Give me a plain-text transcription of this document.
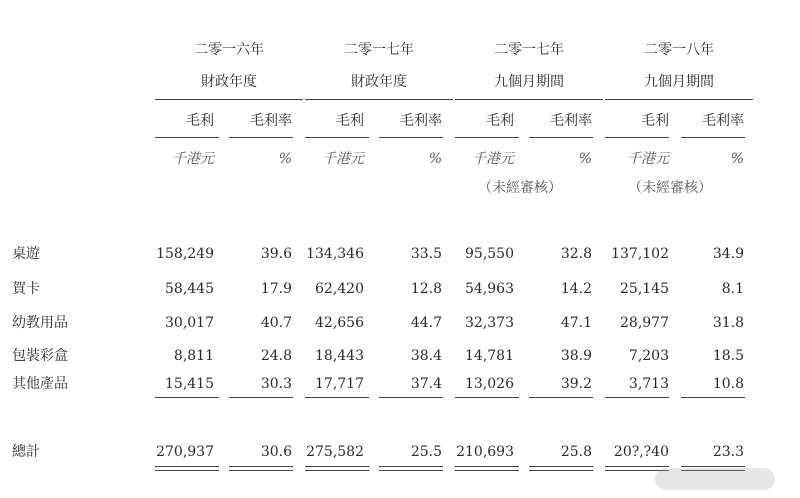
二零一六年
財政年度
二零一七年
財政年度
二零一七年
九個月期間
二零一八年
九個月期間
毛利	毛利率	毛利	毛利率	毛利	毛利率	毛利	毛利率
千港元	%	千港元	%	千港元	%	千港元	%
（未經審核）	（未經審核）
桌遊	158,249	39.6	134,346	33.5	95,550	32.8	137,102	34.9
賀卡	58,445	17.9	62,420	12.8	54,963	14.2	25,145	8.1
幼教用品	30,017	40.7	42,656	44.7	32,373	47.1	28,977	31.8
包裝彩盒	8,811	24.8	18,443	38.4	14,781	38.9	7,203	18.5
其他產品	15,415	30.3	17,717	37.4	13,026	39.2	3,713	10.8
總計	270,937	30.6	275,582	25.5	210,693	25.8	20?,?40	23.3
